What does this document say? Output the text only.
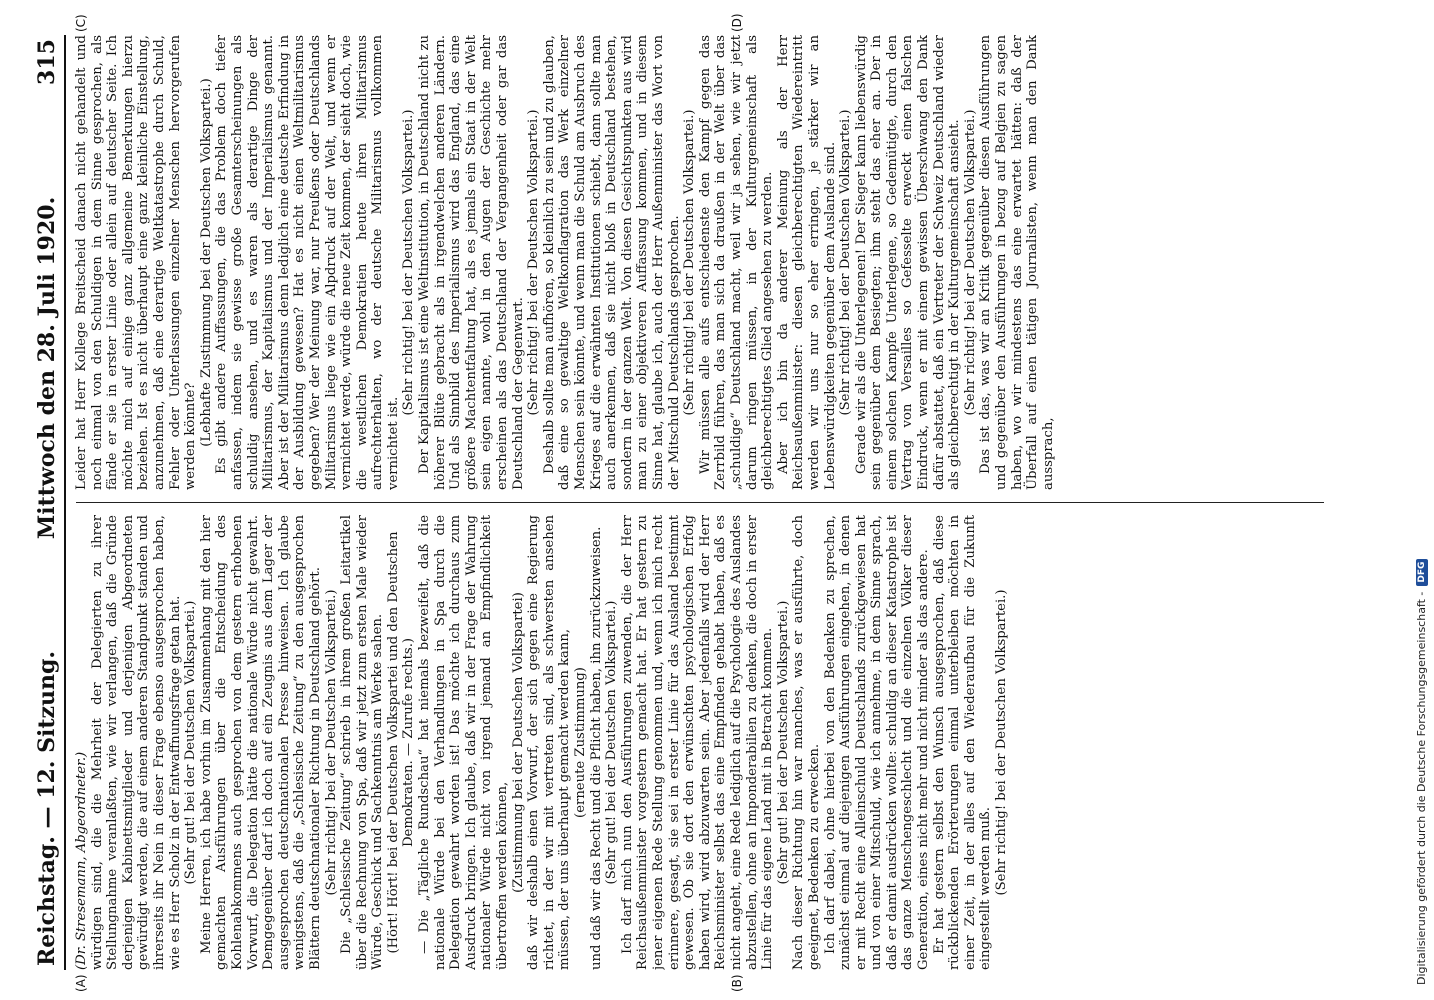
Reichstag. — 12. Sitzung.
Mittwoch den 28. Juli 1920.
315

(Dr. Stresemann, Abgeordneter.) würdigen sind, die die Mehrheit der Delegierten zu ihrer Stellungnahme veranlaßten, wie wir verlangen, daß die Gründe derjenigen Kabinettsmitglieder und derjenigen Abgeordneten gewürdigt werden, die auf einem anderen Standpunkt standen und ihrerseits ihr Nein in dieser Frage ebenso ausgesprochen haben, wie es Herr Scholz in der Entwaffnungsfrage getan hat. (Sehr gut! bei der Deutschen Volkspartei.) Meine Herren, ich habe vorhin im Zusammenhang mit den hier gemachten Ausführungen über die Entscheidung des Kohlenabkommens auch gesprochen von dem gestern erhobenen Vorwurf, die Delegation hätte die nationale Würde nicht gewahrt. Demgegenüber darf ich doch auf ein Zeugnis aus dem Lager der ausgesprochen deutschnationalen Presse hinweisen. Ich glaube wenigstens, daß die „Schlesische Zeitung“ zu den ausgesprochen Blättern deutschnationaler Richtung in Deutschland gehört. (Sehr richtig! bei der Deutschen Volkspartei.) Die „Schlesische Zeitung“ schrieb in ihrem großen Leitartikel über die Rechnung von Spa, daß wir jetzt zum ersten Male wieder Würde, Geschick und Sachkenntnis am Werke sahen. (Hört! Hört! bei der Deutschen Volkspartei und den Deutschen Demokraten. — Zurufe rechts.) — Die „Tägliche Rundschau“ hat niemals bezweifelt, daß die nationale Würde bei den Verhandlungen in Spa durch die Delegation gewahrt worden ist! Das möchte ich durchaus zum Ausdruck bringen. Ich glaube, daß wir in der Frage der Wahrung nationaler Würde nicht von irgend jemand an Empfindlichkeit übertroffen werden können, (Zustimmung bei der Deutschen Volkspartei) daß wir deshalb einen Vorwurf, der sich gegen eine Regierung richtet, in der wir mit vertreten sind, als schwersten ansehen müssen, der uns überhaupt gemacht werden kann, (erneute Zustimmung) und daß wir das Recht und die Pflicht haben, ihn zurückzuweisen. (Sehr gut! bei der Deutschen Volkspartei.) Ich darf mich nun den Ausführungen zuwenden, die der Herr Reichsaußenminister vorgestern gemacht hat. Er hat gestern zu jener eigenen Rede Stellung genommen und, wenn ich mich recht erinnere, gesagt, sie sei in erster Linie für das Ausland bestimmt gewesen. Ob sie dort den erwünschten psychologischen Erfolg haben wird, wird abzuwarten sein. Aber jedenfalls wird der Herr Reichsminister selbst das eine Empfinden gehabt haben, daß es nicht angeht, eine Rede lediglich auf die Psychologie des Auslandes abzustellen, ohne an Imponderabilien zu denken, die doch in erster Linie für das eigene Land mit in Betracht kommen. (Sehr gut! bei der Deutschen Volkspartei.) Nach dieser Richtung hin war manches, was er ausführte, doch geeignet, Bedenken zu erwecken. Ich darf dabei, ohne hierbei von den Bedenken zu sprechen, zunächst einmal auf diejenigen Ausführungen eingehen, in denen er mit Recht eine Alleinschuld Deutschlands zurückgewiesen hat und von einer Mitschuld, wie ich annehme, in dem Sinne sprach, daß er damit ausdrücken wollte: schuldig an dieser Katastrophe ist das ganze Menschengeschlecht und die einzelnen Völker dieser Generation, eines nicht mehr und nicht minder als das andere. Er hat gestern selbst den Wunsch ausgesprochen, daß diese rückblickenden Erörterungen einmal unterbleiben möchten in einer Zeit, in der alles auf den Wiederaufbau für die Zukunft eingestellt werden muß. (Sehr richtig! bei der Deutschen Volkspartei.)

Leider hat Herr Kollege Breitscheid danach nicht gehandelt und noch einmal von den Schuldigen in dem Sinne gesprochen, als fände er sie in erster Linie oder allein auf deutscher Seite. Ich möchte mich auf einige ganz allgemeine Bemerkungen hierzu beziehen. Ist es nicht überhaupt eine ganz kleinliche Einstellung, anzunehmen, daß eine derartige Weltkatastrophe durch Schuld, Fehler oder Unterlassungen einzelner Menschen hervorgerufen werden könnte? (Lebhafte Zustimmung bei der Deutschen Volkspartei.) Es gibt andere Auffassungen, die das Problem doch tiefer anfassen, indem sie gewisse große Gesamterscheinungen als schuldig ansehen, und es waren als derartige Dinge der Militarismus, der Kapitalismus und der Imperialismus genannt. Aber ist der Militarismus denn lediglich eine deutsche Erfindung in der Ausbildung gewesen? Hat es nicht einen Weltmilitarismus gegeben? Wer der Meinung war, nur Preußens oder Deutschlands Militarismus liege wie ein Alpdruck auf der Welt, und wenn er vernichtet werde, würde die neue Zeit kommen, der sieht doch, wie die westlichen Demokratien heute ihren Militarismus aufrechterhalten, wo der deutsche Militarismus vollkommen vernichtet ist.

(Sehr richtig! bei der Deutschen Volkspartei.) Der Kapitalismus ist eine Weltinstitution, in Deutschland nicht zu höherer Blüte gebracht als in irgendwelchen anderen Ländern. Und als Sinnbild des Imperialismus wird das England, das eine größere Machtentfaltung hat, als es jemals ein Staat in der Welt sein eigen nannte, wohl in den Augen der Geschichte mehr erscheinen als das Deutschland der Vergangenheit oder gar das Deutschland der Gegenwart. (Sehr richtig! bei der Deutschen Volkspartei.) Deshalb sollte man aufhören, so kleinlich zu sein und zu glauben, daß eine so gewaltige Weltkonflagration das Werk einzelner Menschen sein könnte, und wenn man die Schuld am Ausbruch des Krieges auf die erwähnten Institutionen schiebt, dann sollte man auch anerkennen, daß sie nicht bloß in Deutschland bestehen, sondern in der ganzen Welt. Von diesen Gesichtspunkten aus wird man zu einer objektiveren Auffassung kommen, und in diesem Sinne hat, glaube ich, auch der Herr Außenminister das Wort von der Mitschuld Deutschlands gesprochen. (Sehr richtig! bei der Deutschen Volkspartei.) Wir müssen alle aufs entschiedenste den Kampf gegen das Zerrbild führen, das man sich da draußen in der Welt über das „schuldige“ Deutschland macht, weil wir ja sehen, wie wir jetzt darum ringen müssen, in der Kulturgemeinschaft als gleichberechtigtes Glied angesehen zu werden. Aber ich bin da anderer Meinung als der Herr Reichsaußenminister: diesen gleichberechtigten Wiedereintritt werden wir uns nur so eher erringen, je stärker wir an Lebenswürdigkeiten gegenüber dem Auslande sind. (Sehr richtig! bei der Deutschen Volkspartei.) Gerade wir als die Unterlegenen! Der Sieger kann liebenswürdig sein gegenüber dem Besiegten; ihm steht das eher an. Der in einem solchen Kampfe Unterlegene, so Gedemütigte, durch den Vertrag von Versailles so Gefesselte erweckt einen falschen Eindruck, wenn er mit einem gewissen Überschwang den Dank dafür abstattet, daß ein Vertreter der Schweiz Deutschland wieder als gleichberechtigt in der Kulturgemeinschaft ansieht. (Sehr richtig! bei der Deutschen Volkspartei.) Das ist das, was wir an Kritik gegenüber diesen Ausführungen und gegenüber den Ausführungen in bezug auf Belgien zu sagen haben, wo wir mindestens das eine erwartet hätten: daß der Überfall auf einen tätigen Journalisten, wenn man den Dank aussprach,

(A)	(B)
(C)	(D)
Digitalisierung gefördert durch die Deutsche Forschungsgemeinschaft -
DFG
